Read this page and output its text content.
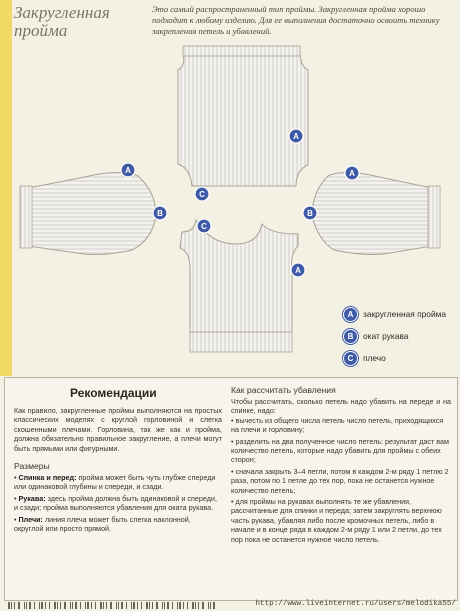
Закругленная пройма
Это самый распространенный тип проймы. Закругленная пройма хорошо подходит к любому изделию. Для ее выполнения достаточно освоить технику закрепления петель и убавлений.
A
A
B
C
C
A
B
A
A	закругленная пройма
B	окат рукава
C	плечо
Рекомендации

Как правило, закругленные проймы выполняются на простых классических моделях с круглой горловиной и слегка скошенными плечами. Горловина, так же как и пройма, должна обязательно правильное закругление, а плечи могут быть прямыми или фигурными.

Размеры

• Спинка и перед: пройма может быть чуть глубже спереди или одинаковой глубины и спереди, и сзади.

• Рукава: здесь пройма должна быть одинаковой и спереди, и сзади; пройма выполняются убавления для оката рукава.

• Плечи: линия плеча может быть слегка наклонной, округлой или просто прямой.

Как рассчитать убавления

Чтобы рассчитать, сколько петель надо убавить на переде и на спинке, надо:

• вычесть из общего числа петель число петель, приходящихся на плечи и горловину;

• разделить на два полученное число петель: результат даст вам количество петель, которые надо убавить для проймы с обеих сторон;

• сначала закрыть 3–4 петли, потом в каждом 2-м ряду 1 петлю 2 раза, потом по 1 петле до тех пор, пока не останется нужное количество петель;

• для проймы на рукавах выполнять те же убавления, рассчитанные для спинки и переда; затем закруглять верхнюю часть рукава, убавляя либо после кромочных петель, либо в начале и в конце ряда в каждом 2-м ряду 1 или 2 петли, до тех пор пока не останется нужное число петель.

http://www.liveinternet.ru/users/melodika55/
